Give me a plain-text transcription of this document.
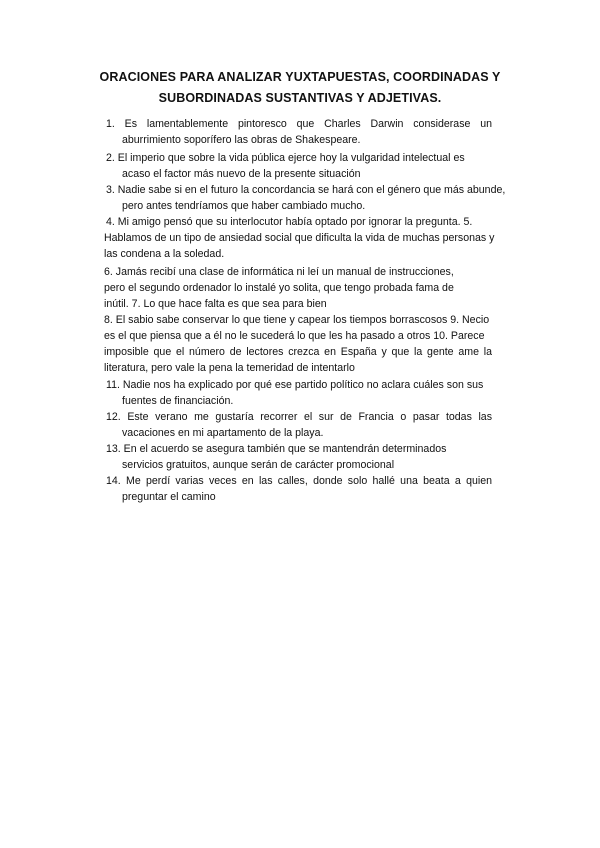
ORACIONES PARA ANALIZAR YUXTAPUESTAS, COORDINADAS Y
SUBORDINADAS SUSTANTIVAS Y ADJETIVAS.
1. Es lamentablemente pintoresco que Charles Darwin considerase un
aburrimiento soporífero las obras de Shakespeare.
2. El imperio que sobre la vida pública ejerce hoy la vulgaridad intelectual es
acaso el factor más nuevo de la presente situación
3. Nadie sabe si en el futuro la concordancia se hará con el género que más abunde,
pero antes tendríamos que haber cambiado mucho.
4. Mi amigo pensó que su interlocutor había optado por ignorar la pregunta. 5.
Hablamos de un tipo de ansiedad social que dificulta la vida de muchas personas y
las condena a la soledad.
6. Jamás recibí una clase de informática ni leí un manual de instrucciones,
pero el segundo ordenador lo instalé yo solita, que tengo probada fama de
inútil. 7. Lo que hace falta es que sea para bien
8. El sabio sabe conservar lo que tiene y capear los tiempos borrascosos 9. Necio
es el que piensa que a él no le sucederá lo que les ha pasado a otros 10. Parece
imposible que el número de lectores crezca en España y que la gente ame la
literatura, pero vale la pena la temeridad de intentarlo
11. Nadie nos ha explicado por qué ese partido político no aclara cuáles son sus
fuentes de financiación.
12. Este verano me gustaría recorrer el sur de Francia o pasar todas las
vacaciones en mi apartamento de la playa.
13. En el acuerdo se asegura también que se mantendrán determinados
servicios gratuitos, aunque serán de carácter promocional
14. Me perdí varias veces en las calles, donde solo hallé una beata a quien
preguntar el camino
